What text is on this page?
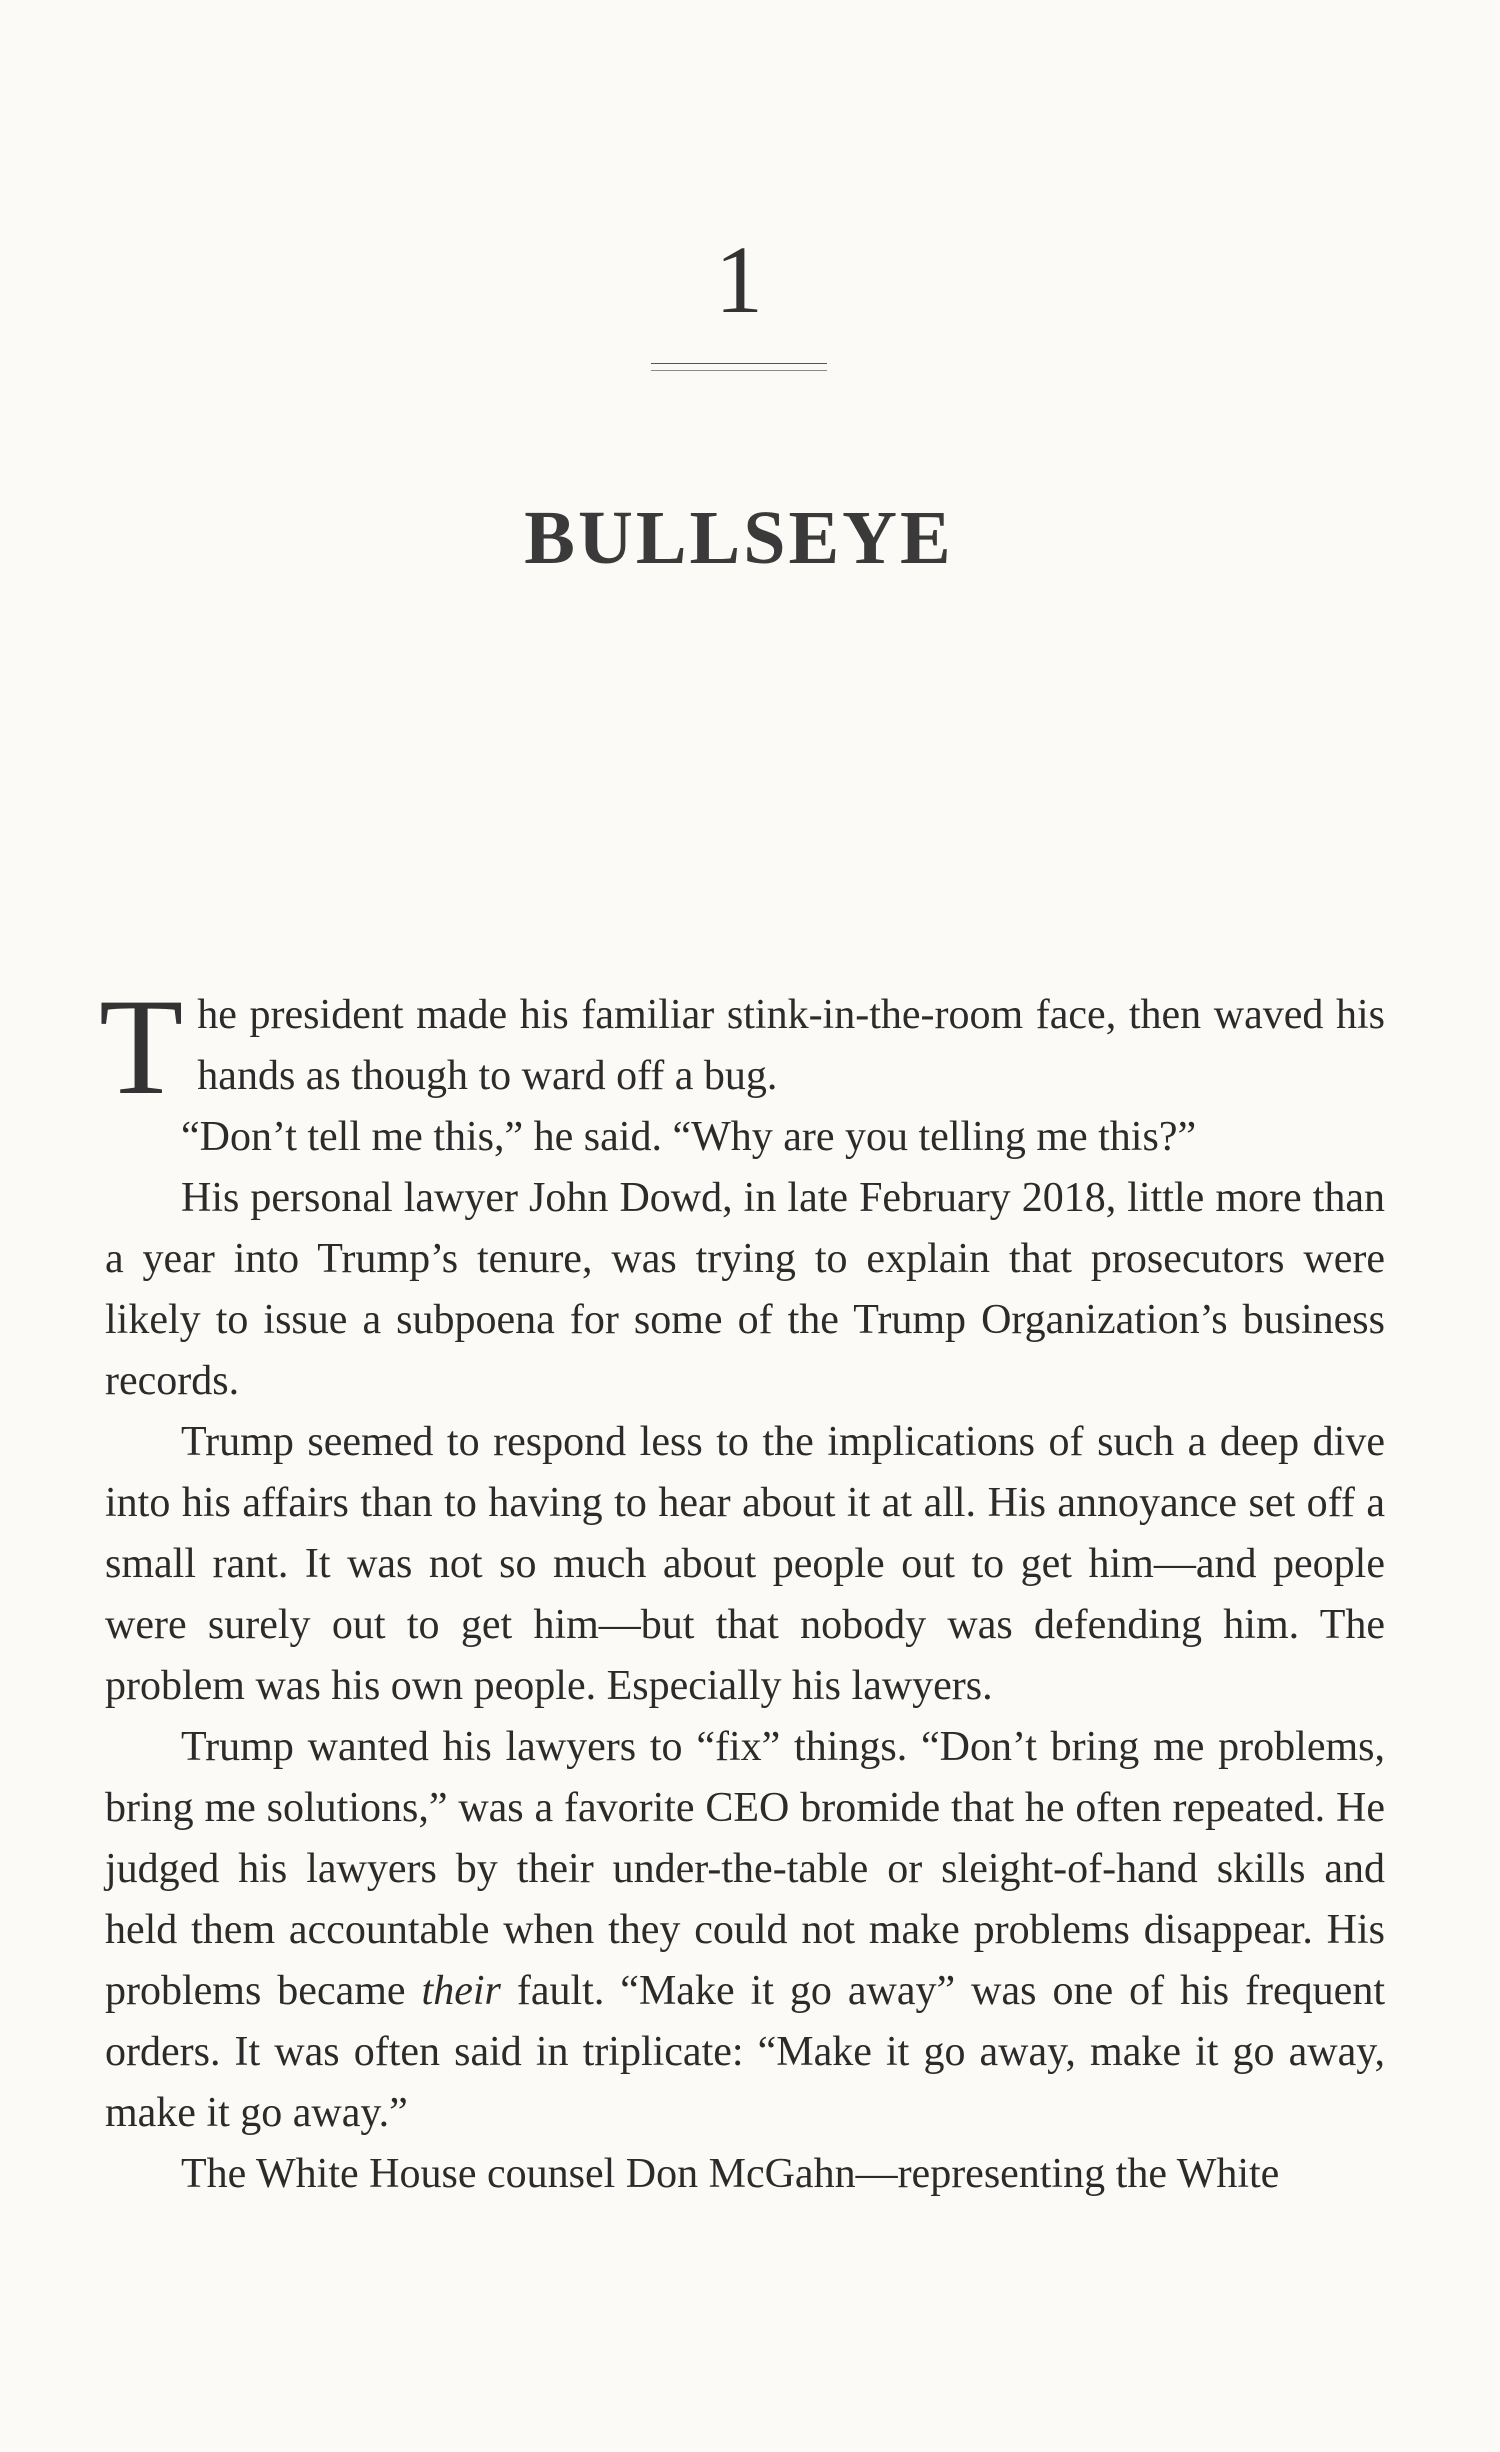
1
BULLSEYE

The president made his familiar stink-in-the-room face, then waved his hands as though to ward off a bug.

“Don’t tell me this,” he said. “Why are you telling me this?”

His personal lawyer John Dowd, in late February 2018, little more than a year into Trump’s tenure, was trying to explain that prosecutors were likely to issue a subpoena for some of the Trump Organization’s business records.

Trump seemed to respond less to the implications of such a deep dive into his affairs than to having to hear about it at all. His annoyance set off a small rant. It was not so much about people out to get him—and people were surely out to get him—but that nobody was defending him. The problem was his own people. Especially his lawyers.

Trump wanted his lawyers to “fix” things. “Don’t bring me problems, bring me solutions,” was a favorite CEO bromide that he often repeated. He judged his lawyers by their under-the-table or sleight-of-hand skills and held them accountable when they could not make problems disappear. His problems became their fault. “Make it go away” was one of his frequent orders. It was often said in triplicate: “Make it go away, make it go away, make it go away.”

The White House counsel Don McGahn—representing the White
